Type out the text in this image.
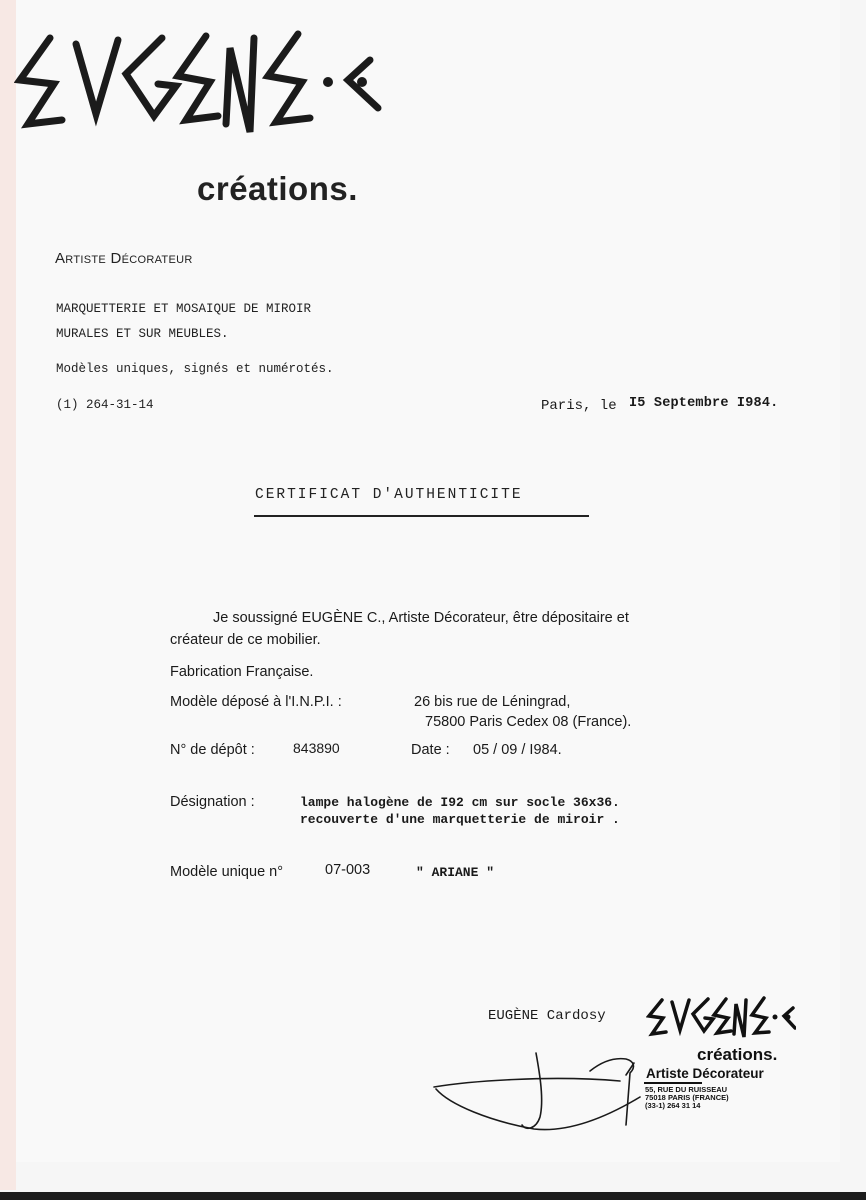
créations.
Artiste Décorateur
MARQUETTERIE ET MOSAIQUE DE MIROIR
MURALES ET SUR MEUBLES.
Modèles uniques, signés et numérotés.
(1) 264-31-14	Paris, le I5 Septembre I984.
CERTIFICAT D'AUTHENTICITE
Je soussigné EUGÈNE C., Artiste Décorateur, être dépositaire et
créateur de ce mobilier.
Fabrication Française.
Modèle déposé à l'I.N.P.I. :	26 bis rue de Léningrad,
75800 Paris Cedex 08 (France).
N° de dépôt :	843890	Date : 05 / 09 / I984.
Désignation :	lampe halogène de I92 cm sur socle 36x36.
recouverte d'une marquetterie de miroir .
Modèle unique n°	07-003	" ARIANE "
EUGÈNE Cardosy
créations.
Artiste Décorateur
55, RUE DU RUISSEAU
75018 PARIS (FRANCE)
(33-1) 264 31 14
